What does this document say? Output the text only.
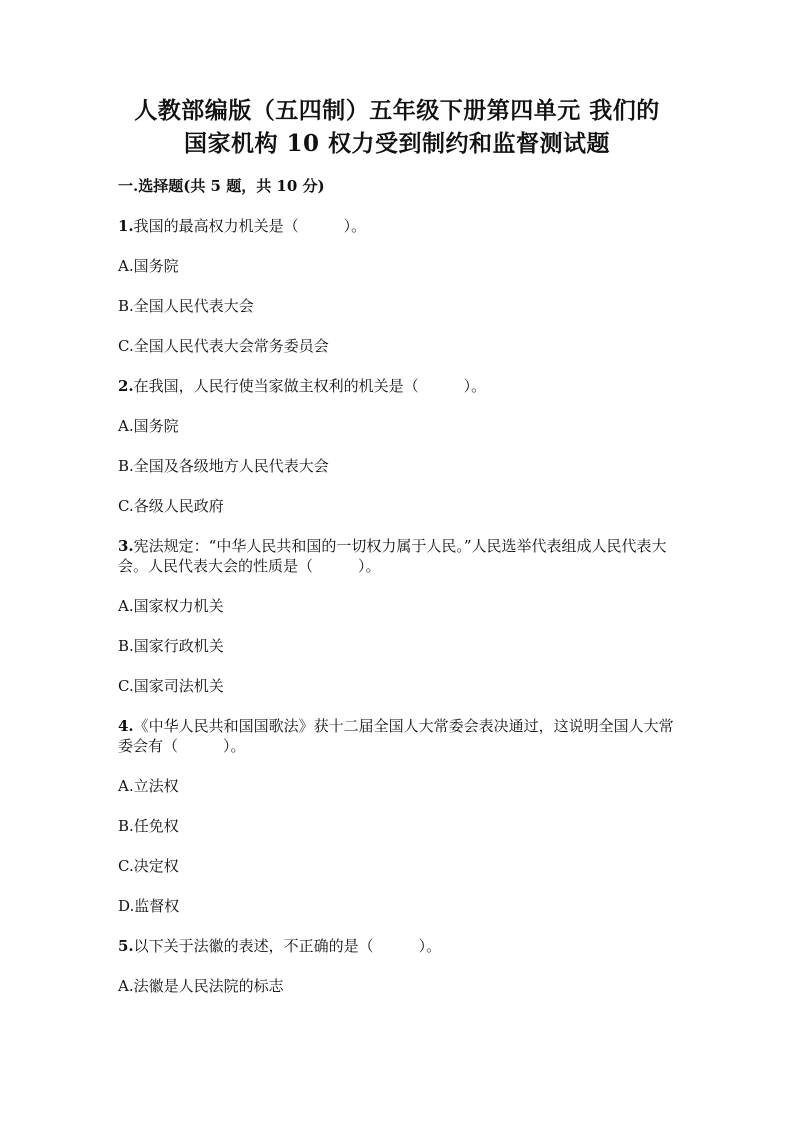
人教部编版（五四制）五年级下册第四单元 我们的
国家机构 10 权力受到制约和监督测试题
一.选择题(共 5 题，共 10 分)

1.我国的最高权力机关是（　　　）。

A.国务院
B.全国人民代表大会
C.全国人民代表大会常务委员会

2.在我国，人民行使当家做主权利的机关是（　　　）。

A.国务院
B.全国及各级地方人民代表大会
C.各级人民政府

3.宪法规定：“中华人民共和国的一切权力属于人民。”人民选举代表组成人民代表大会。人民代表大会的性质是（　　　）。

A.国家权力机关
B.国家行政机关
C.国家司法机关

4.《中华人民共和国国歌法》获十二届全国人大常委会表决通过，这说明全国人大常委会有（　　　）。

A.立法权
B.任免权
C.决定权
D.监督权

5.以下关于法徽的表述，不正确的是（　　　）。

A.法徽是人民法院的标志
